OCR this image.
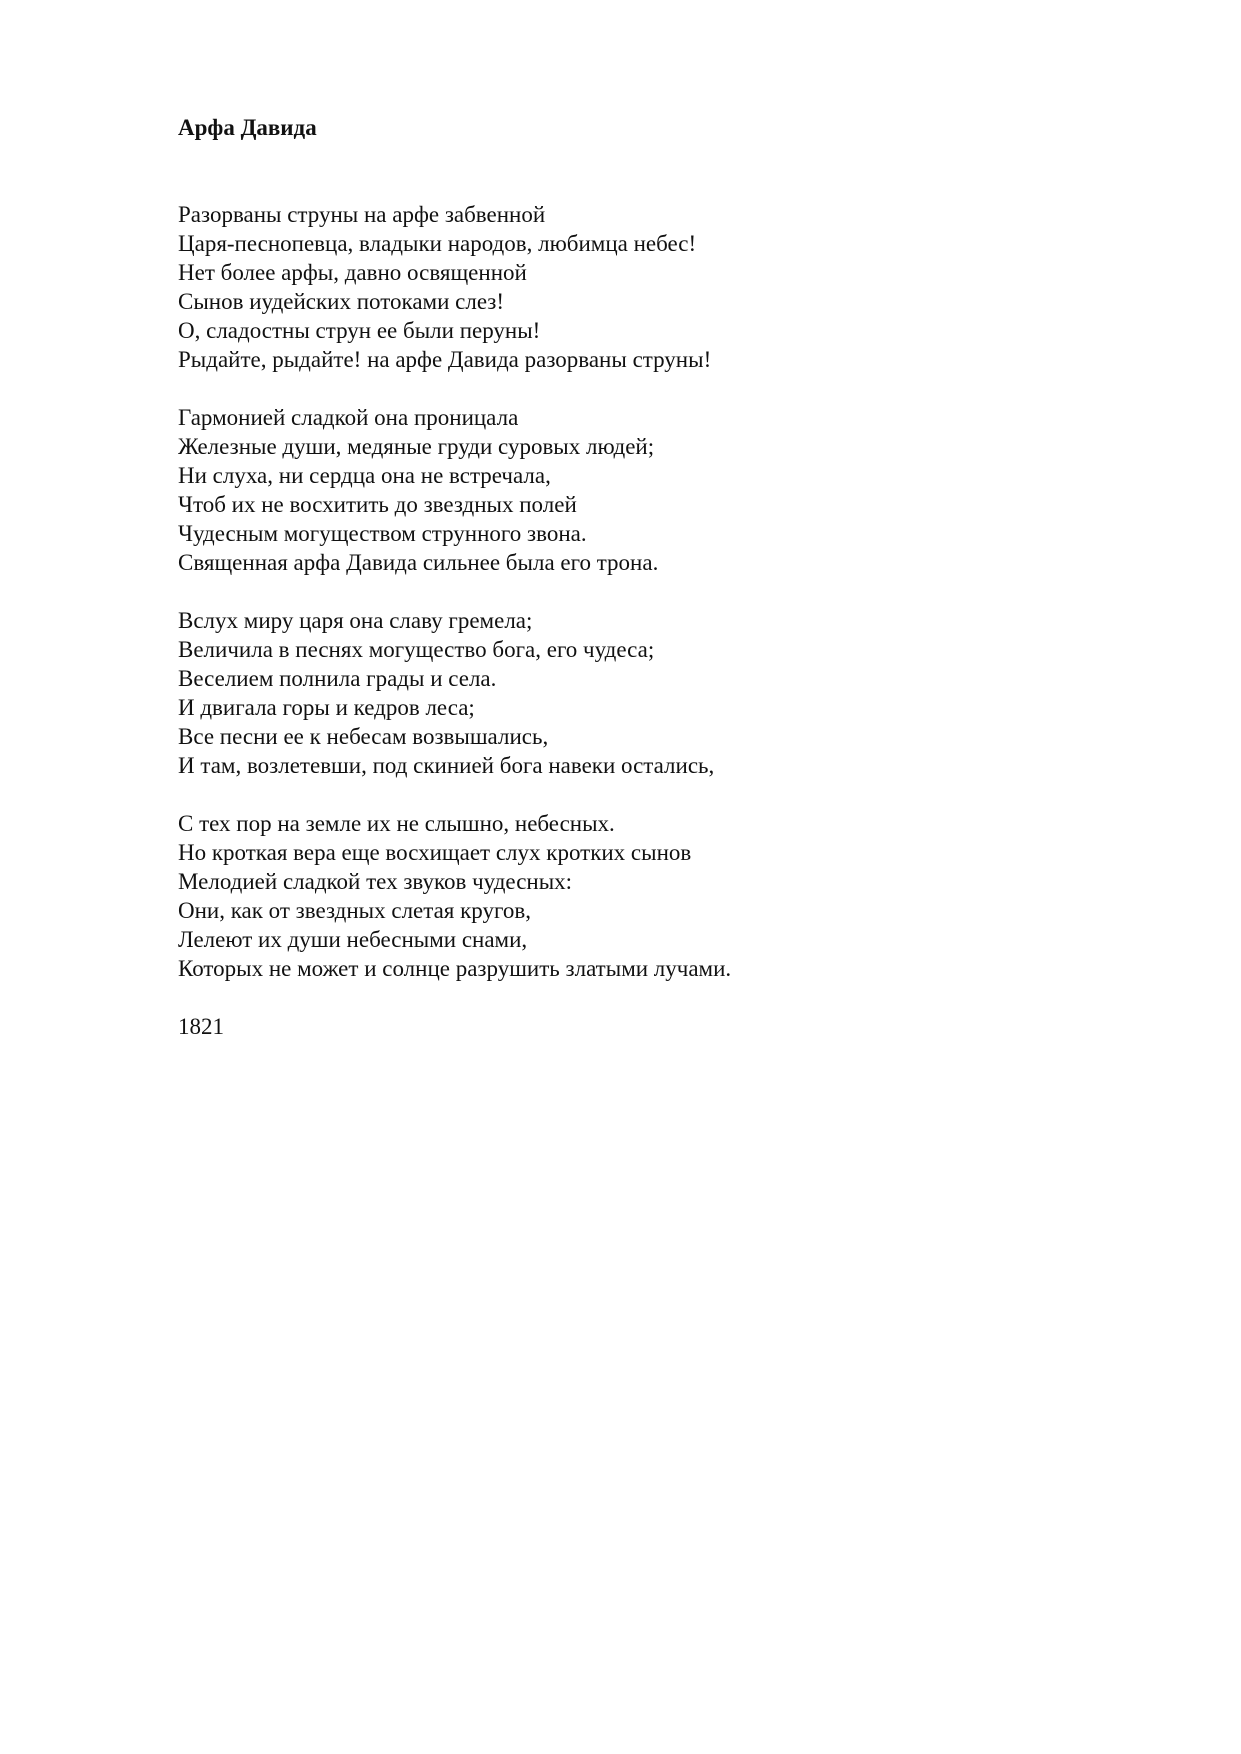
Арфа Давида
Разорваны струны на арфе забвенной
Царя-песнопевца, владыки народов, любимца небес!
Нет более арфы, давно освященной
Сынов иудейских потоками слез!
О, сладостны струн ее были перуны!
Рыдайте, рыдайте! на арфе Давида разорваны струны!
Гармонией сладкой она проницала
Железные души, медяные груди суровых людей;
Ни слуха, ни сердца она не встречала,
Чтоб их не восхитить до звездных полей
Чудесным могуществом струнного звона.
Священная арфа Давида сильнее была его трона.
Вслух миру царя она славу гремела;
Величила в песнях могущество бога, его чудеса;
Веселием полнила грады и села.
И двигала горы и кедров леса;
Все песни ее к небесам возвышались,
И там, возлетевши, под скинией бога навеки остались,
С тех пор на земле их не слышно, небесных.
Но кроткая вера еще восхищает слух кротких сынов
Мелодией сладкой тех звуков чудесных:
Они, как от звездных слетая кругов,
Лелеют их души небесными снами,
Которых не может и солнце разрушить златыми лучами.
1821
